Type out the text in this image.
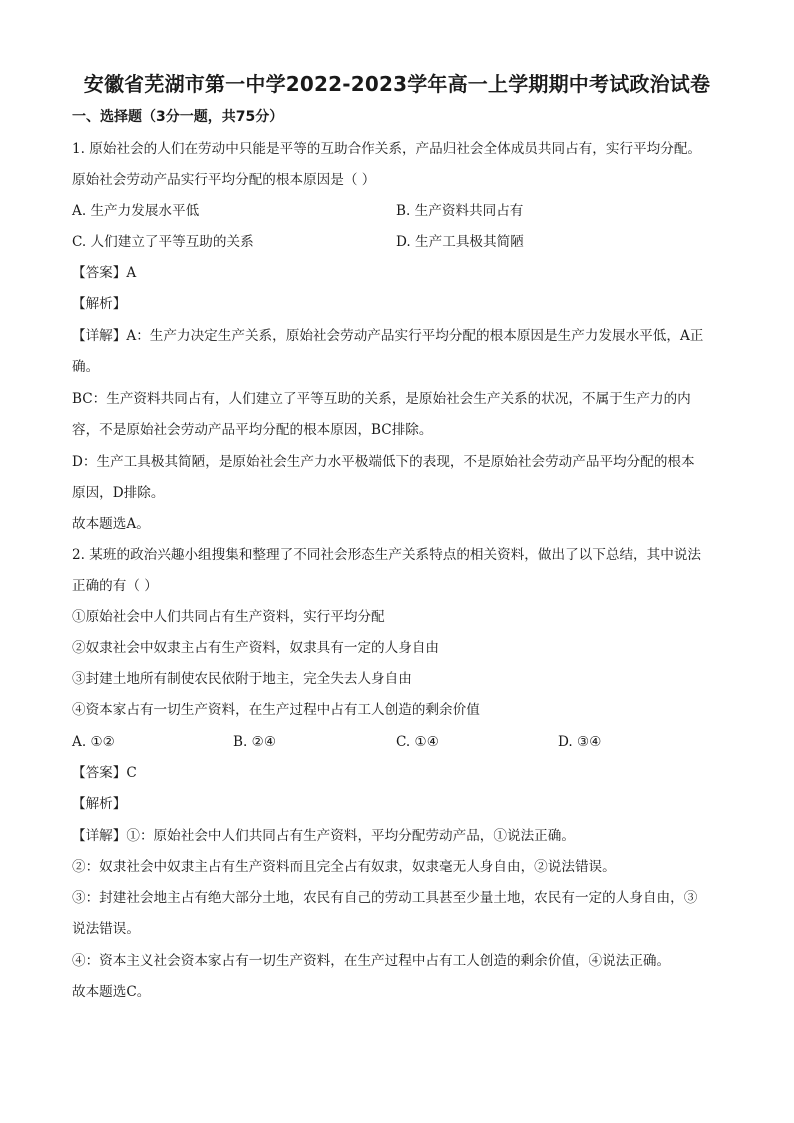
安徽省芜湖市第一中学2022-2023学年高一上学期期中考试政治试卷
一、选择题（3分一题，共75分）
1. 原始社会的人们在劳动中只能是平等的互助合作关系，产品归社会全体成员共同占有，实行平均分配。
原始社会劳动产品实行平均分配的根本原因是（ ）
A. 生产力发展水平低	B. 生产资料共同占有
C. 人们建立了平等互助的关系	D. 生产工具极其简陋
【答案】A
【解析】
【详解】A：生产力决定生产关系，原始社会劳动产品实行平均分配的根本原因是生产力发展水平低，A正
确。
BC：生产资料共同占有，人们建立了平等互助的关系，是原始社会生产关系的状况，不属于生产力的内
容，不是原始社会劳动产品平均分配的根本原因，BC排除。
D：生产工具极其简陋，是原始社会生产力水平极端低下的表现，不是原始社会劳动产品平均分配的根本
原因，D排除。
故本题选A。
2. 某班的政治兴趣小组搜集和整理了不同社会形态生产关系特点的相关资料，做出了以下总结，其中说法
正确的有（ ）
①原始社会中人们共同占有生产资料，实行平均分配
②奴隶社会中奴隶主占有生产资料，奴隶具有一定的人身自由
③封建土地所有制使农民依附于地主，完全失去人身自由
④资本家占有一切生产资料，在生产过程中占有工人创造的剩余价值
A. ①②	B. ②④	C. ①④	D. ③④
【答案】C
【解析】
【详解】①：原始社会中人们共同占有生产资料，平均分配劳动产品，①说法正确。
②：奴隶社会中奴隶主占有生产资料而且完全占有奴隶，奴隶毫无人身自由，②说法错误。
③：封建社会地主占有绝大部分土地，农民有自己的劳动工具甚至少量土地，农民有一定的人身自由，③
说法错误。
④：资本主义社会资本家占有一切生产资料，在生产过程中占有工人创造的剩余价值，④说法正确。
故本题选C。
